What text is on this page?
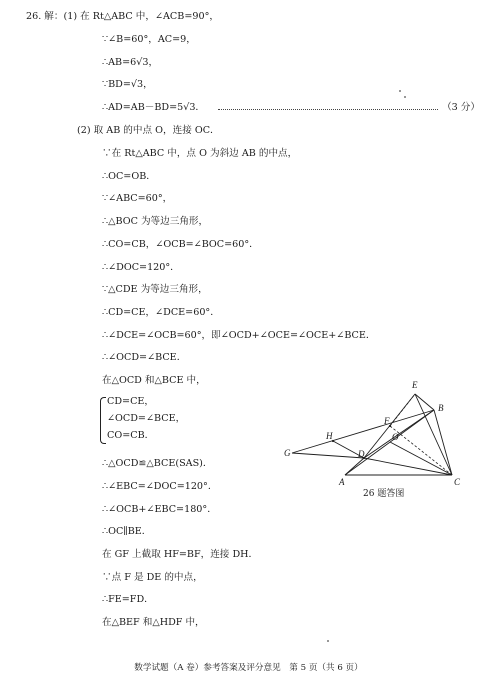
26. 解：(1) 在 Rt△ABC 中，∠ACB=90°，
∵∠B=60°，AC=9，
∴AB=6√3，
∵BD=√3，
∴AD=AB－BD=5√3．	（3 分）
(2) 取 AB 的中点 O，连接 OC．
∵在 Rt△ABC 中，点 O 为斜边 AB 的中点，
∴OC=OB．
∵∠ABC=60°，
∴△BOC 为等边三角形，
∴CO=CB，∠OCB=∠BOC=60°．
∴∠DOC=120°．
∵△CDE 为等边三角形，
∴CD=CE，∠DCE=60°．
∴∠DCE=∠OCB=60°，即∠OCD+∠OCE=∠OCE+∠BCE．
∴∠OCD=∠BCE．
在△OCD 和△BCE 中，
CD=CE，
∠OCD=∠BCE，
CO=CB．
∴△OCD≌△BCE(SAS)．
∴∠EBC=∠DOC=120°．
∴∠OCB+∠EBC=180°．
∴OC∥BE．
在 GF 上截取 HF=BF，连接 DH．
∵点 F 是 DE 的中点，
∴FE=FD．
在△BEF 和△HDF 中，
E
B
F
H	O
G	D
A	C
26 题答图
数学试题（A 卷）参考答案及评分意见　第 5 页（共 6 页）
